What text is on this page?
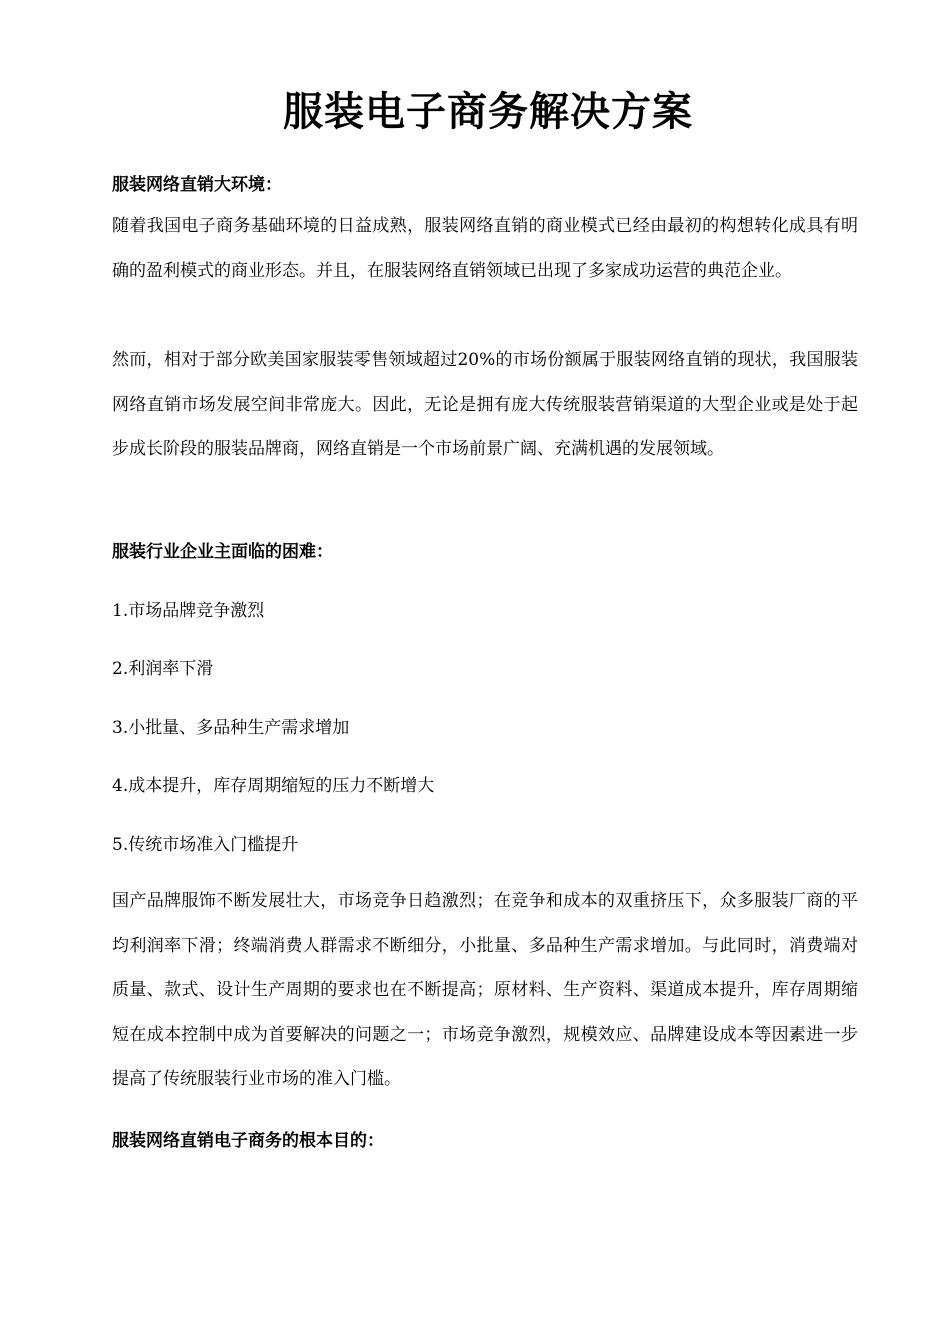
服装电子商务解决方案
服装网络直销大环境：

随着我国电子商务基础环境的日益成熟，服装网络直销的商业模式已经由最初的构想转化成具有明确的盈利模式的商业形态。并且，在服装网络直销领域已出现了多家成功运营的典范企业。

然而，相对于部分欧美国家服装零售领域超过20%的市场份额属于服装网络直销的现状，我国服装网络直销市场发展空间非常庞大。因此，无论是拥有庞大传统服装营销渠道的大型企业或是处于起步成长阶段的服装品牌商，网络直销是一个市场前景广阔、充满机遇的发展领域。

服装行业企业主面临的困难：

1.市场品牌竞争激烈

2.利润率下滑

3.小批量、多品种生产需求增加

4.成本提升，库存周期缩短的压力不断增大

5.传统市场准入门槛提升

国产品牌服饰不断发展壮大，市场竞争日趋激烈；在竞争和成本的双重挤压下，众多服装厂商的平均利润率下滑；终端消费人群需求不断细分，小批量、多品种生产需求增加。与此同时，消费端对质量、款式、设计生产周期的要求也在不断提高；原材料、生产资料、渠道成本提升，库存周期缩短在成本控制中成为首要解决的问题之一；市场竞争激烈，规模效应、品牌建设成本等因素进一步提高了传统服装行业市场的准入门槛。

服装网络直销电子商务的根本目的：
